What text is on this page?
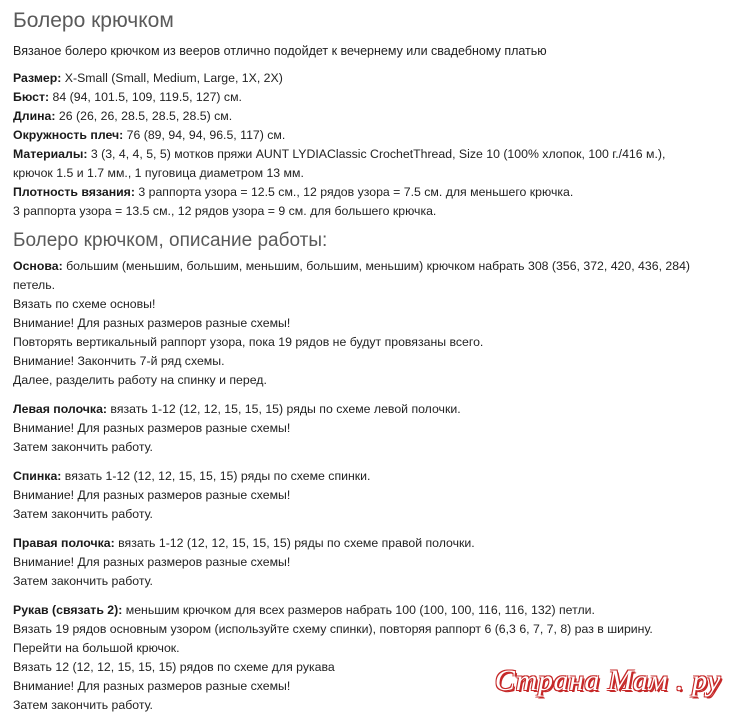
Болеро крючком
Вязаное болеро крючком из вееров отлично подойдет к вечернему или свадебному платью
Размер: X-Small (Small, Medium, Large, 1X, 2X)
Бюст: 84 (94, 101.5, 109, 119.5, 127) см.
Длина: 26 (26, 26, 28.5, 28.5, 28.5) см.
Окружность плеч: 76 (89, 94, 94, 96.5, 117) см.
Материалы: 3 (3, 4, 4, 5, 5) мотков пряжи AUNT LYDIAClassic CrochetThread, Size 10 (100% хлопок, 100 г./416 м.),
крючок 1.5 и 1.7 мм., 1 пуговица диаметром 13 мм.
Плотность вязания: 3 раппорта узора = 12.5 см., 12 рядов узора = 7.5 см. для меньшего крючка.
3 раппорта узора = 13.5 см., 12 рядов узора = 9 см. для большего крючка.
Болеро крючком, описание работы:
Основа: большим (меньшим, большим, меньшим, большим, меньшим) крючком набрать 308 (356, 372, 420, 436, 284)
петель.
Вязать по схеме основы!
Внимание! Для разных размеров разные схемы!
Повторять вертикальный раппорт узора, пока 19 рядов не будут провязаны всего.
Внимание! Закончить 7-й ряд схемы.
Далее, разделить работу на спинку и перед.
Левая полочка: вязать 1-12 (12, 12, 15, 15, 15) ряды по схеме левой полочки.
Внимание! Для разных размеров разные схемы!
Затем закончить работу.
Спинка: вязать 1-12 (12, 12, 15, 15, 15) ряды по схеме спинки.
Внимание! Для разных размеров разные схемы!
Затем закончить работу.
Правая полочка: вязать 1-12 (12, 12, 15, 15, 15) ряды по схеме правой полочки.
Внимание! Для разных размеров разные схемы!
Затем закончить работу.
Рукав (связать 2): меньшим крючком для всех размеров набрать 100 (100, 100, 116, 116, 132) петли.
Вязать 19 рядов основным узором (используйте схему спинки), повторяя раппорт 6 (6,3 6, 7, 7, 8) раз в ширину.
Перейти на большой крючок.
Вязать 12 (12, 12, 15, 15, 15) рядов по схеме для рукава
Внимание! Для разных размеров разные схемы!
Затем закончить работу.
Страна Мам . ру
